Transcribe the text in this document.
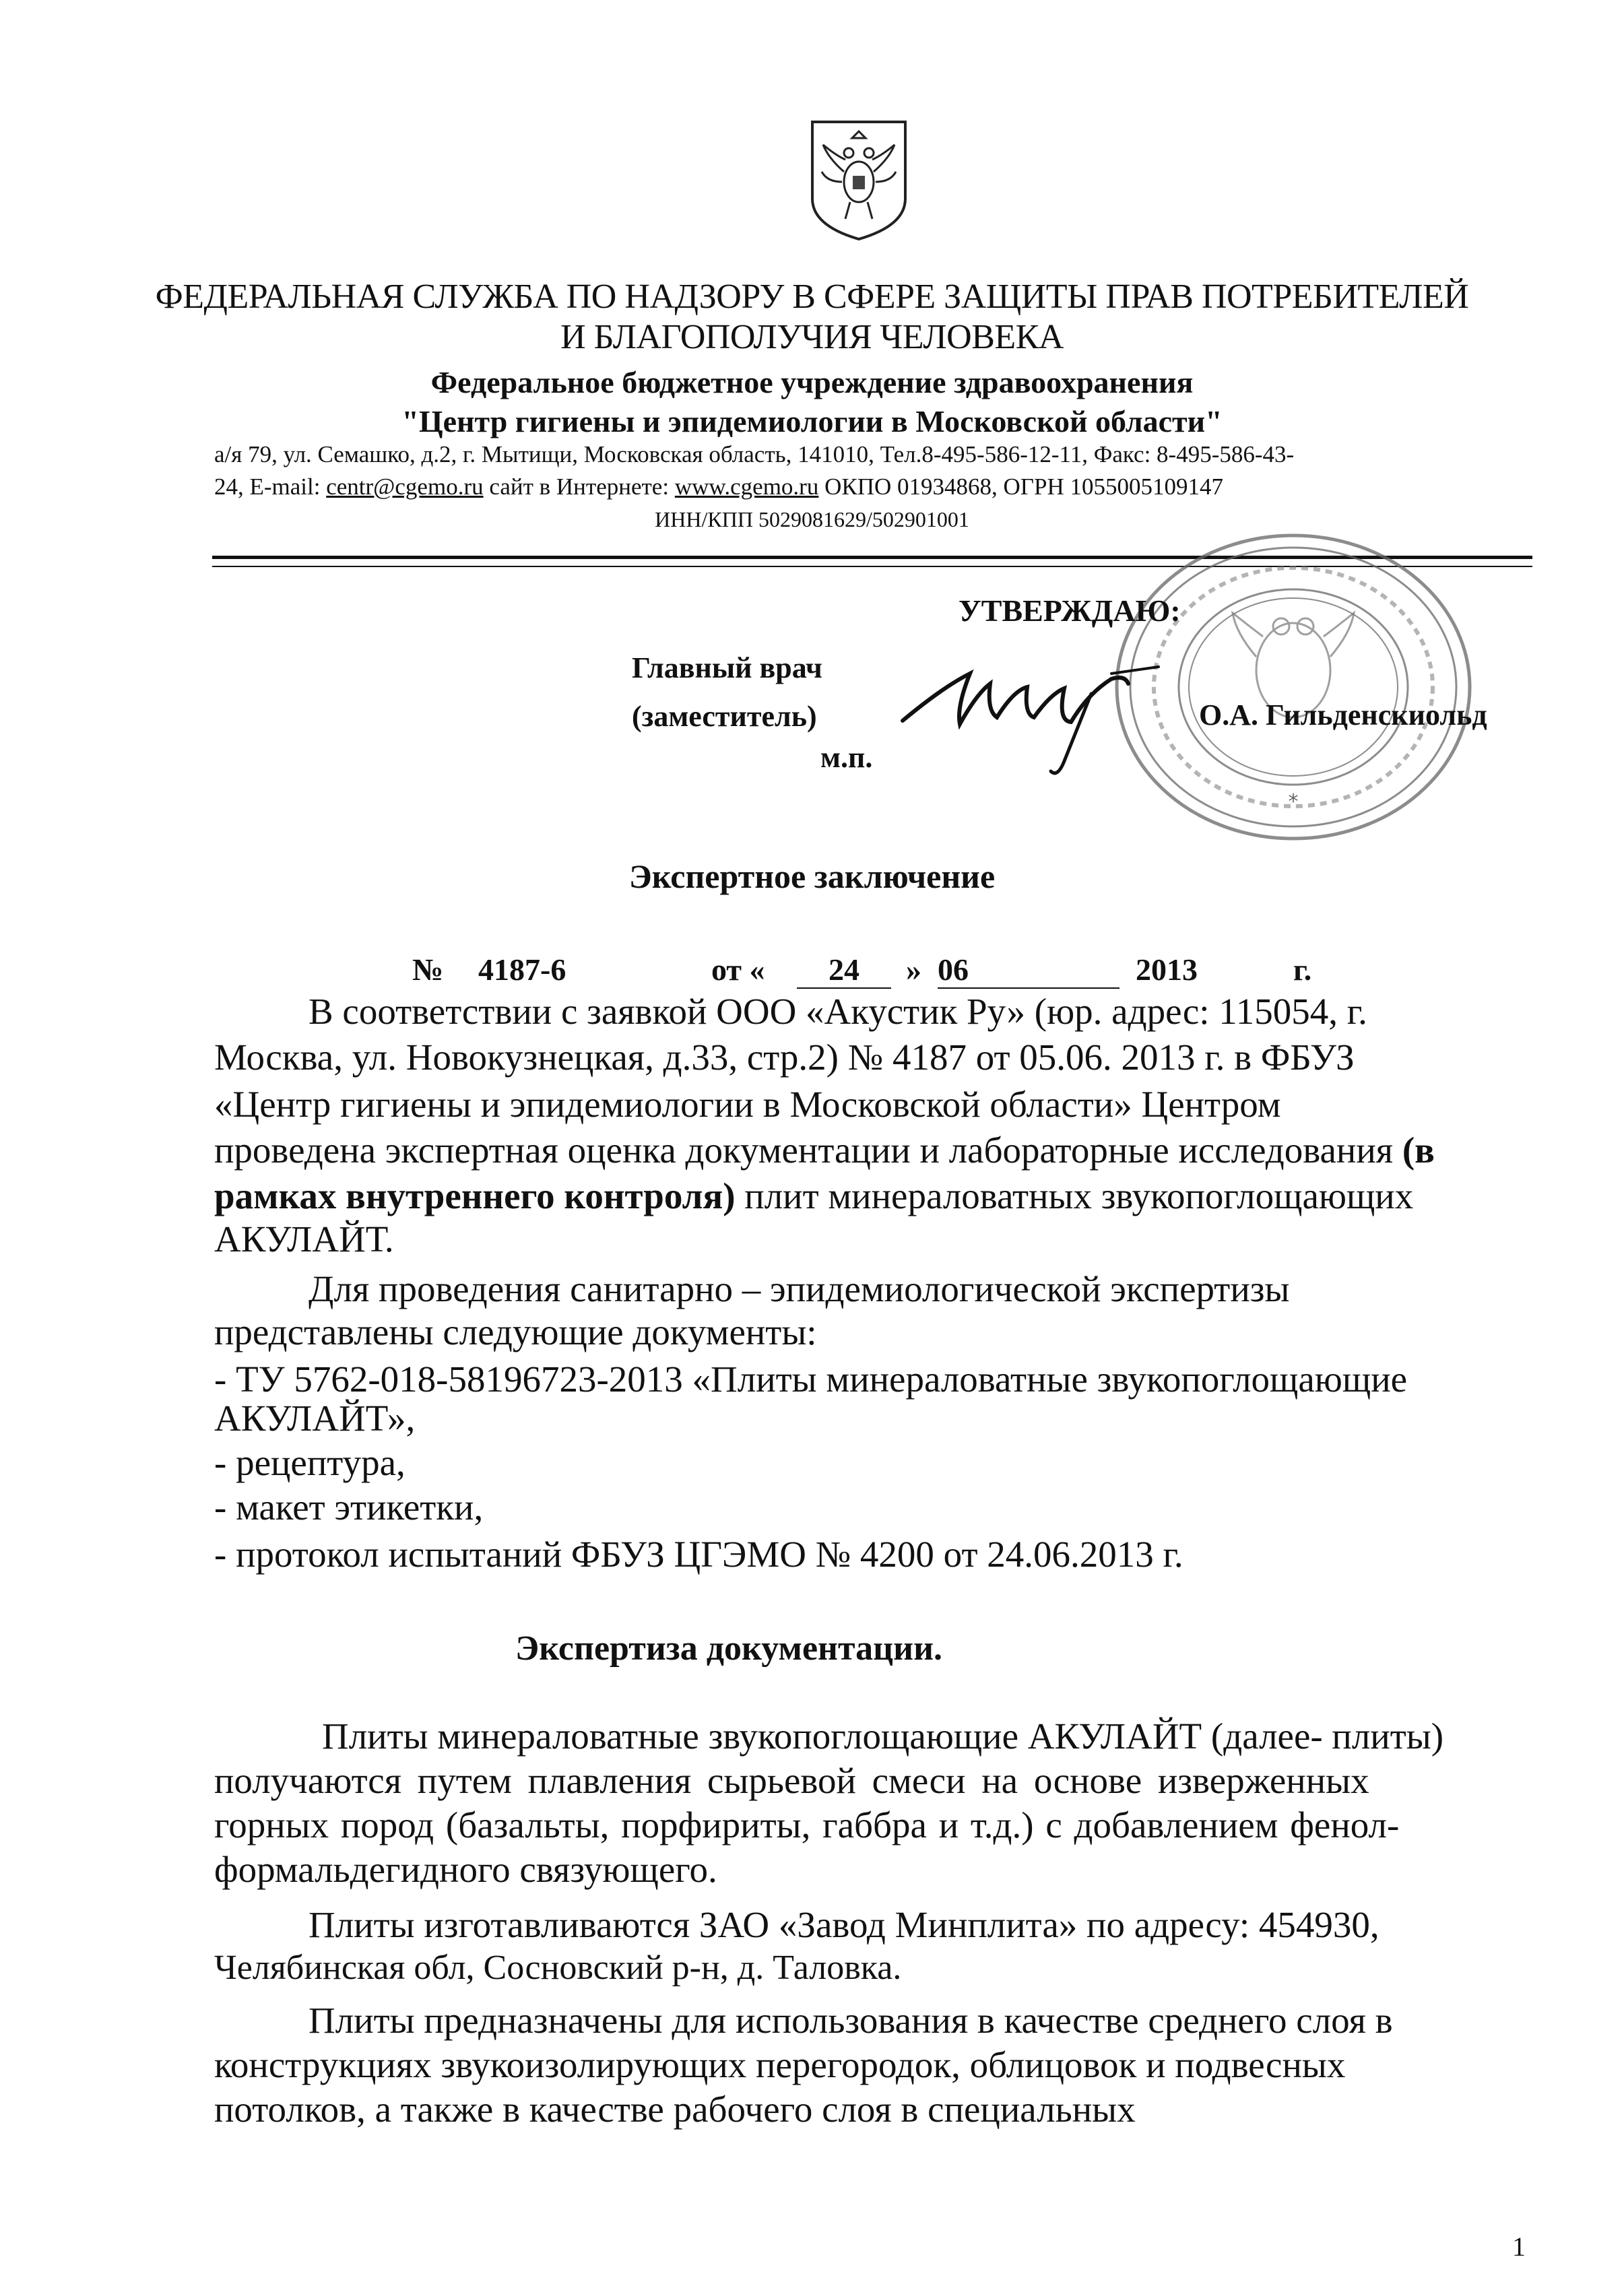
ФЕДЕРАЛЬНАЯ СЛУЖБА ПО НАДЗОРУ В СФЕРЕ ЗАЩИТЫ ПРАВ ПОТРЕБИТЕЛЕЙ
И БЛАГОПОЛУЧИЯ ЧЕЛОВЕКА
Федеральное бюджетное учреждение здравоохранения
"Центр гигиены и эпидемиологии в Московской области"
а/я 79, ул. Семашко, д.2, г. Мытищи, Московская область, 141010, Тел.8-495-586-12-11, Факс: 8-495-586-43-
24, E-mail: centr@cgemo.ru сайт в Интернете: www.cgemo.ru ОКПО 01934868, ОГРН 1055005109147
ИНН/КПП 5029081629/502901001
*
УТВЕРЖДАЮ:
Главный врач
(заместитель)
м.п.
О.А. Гильденскиольд
Экспертное заключение
№ 4187-6	от «	24	» 06	2013	г.
В соответствии с заявкой ООО «Акустик Ру» (юр. адрес: 115054, г.
Москва, ул. Новокузнецкая, д.33, стр.2) № 4187 от 05.06. 2013 г. в ФБУЗ
«Центр гигиены и эпидемиологии в Московской области» Центром
проведена экспертная оценка документации и лабораторные исследования (в
рамках внутреннего контроля) плит минераловатных звукопоглощающих
АКУЛАЙТ.
Для проведения санитарно – эпидемиологической экспертизы
представлены следующие документы:
- ТУ 5762-018-58196723-2013 «Плиты минераловатные звукопоглощающие
АКУЛАЙТ»,
- рецептура,
- макет этикетки,
- протокол испытаний ФБУЗ ЦГЭМО № 4200 от 24.06.2013 г.
Экспертиза документации.
Плиты минераловатные звукопоглощающие АКУЛАЙТ (далее- плиты)
получаются путем плавления сырьевой смеси на основе изверженных
горных пород (базальты, порфириты, габбра и т.д.) с добавлением фенол-
формальдегидного связующего.
Плиты изготавливаются ЗАО «Завод Минплита» по адресу: 454930,
Челябинская обл, Сосновский р-н, д. Таловка.
Плиты предназначены для использования в качестве среднего слоя в
конструкциях звукоизолирующих перегородок, облицовок и подвесных
потолков, а также в качестве рабочего слоя в специальных
1
